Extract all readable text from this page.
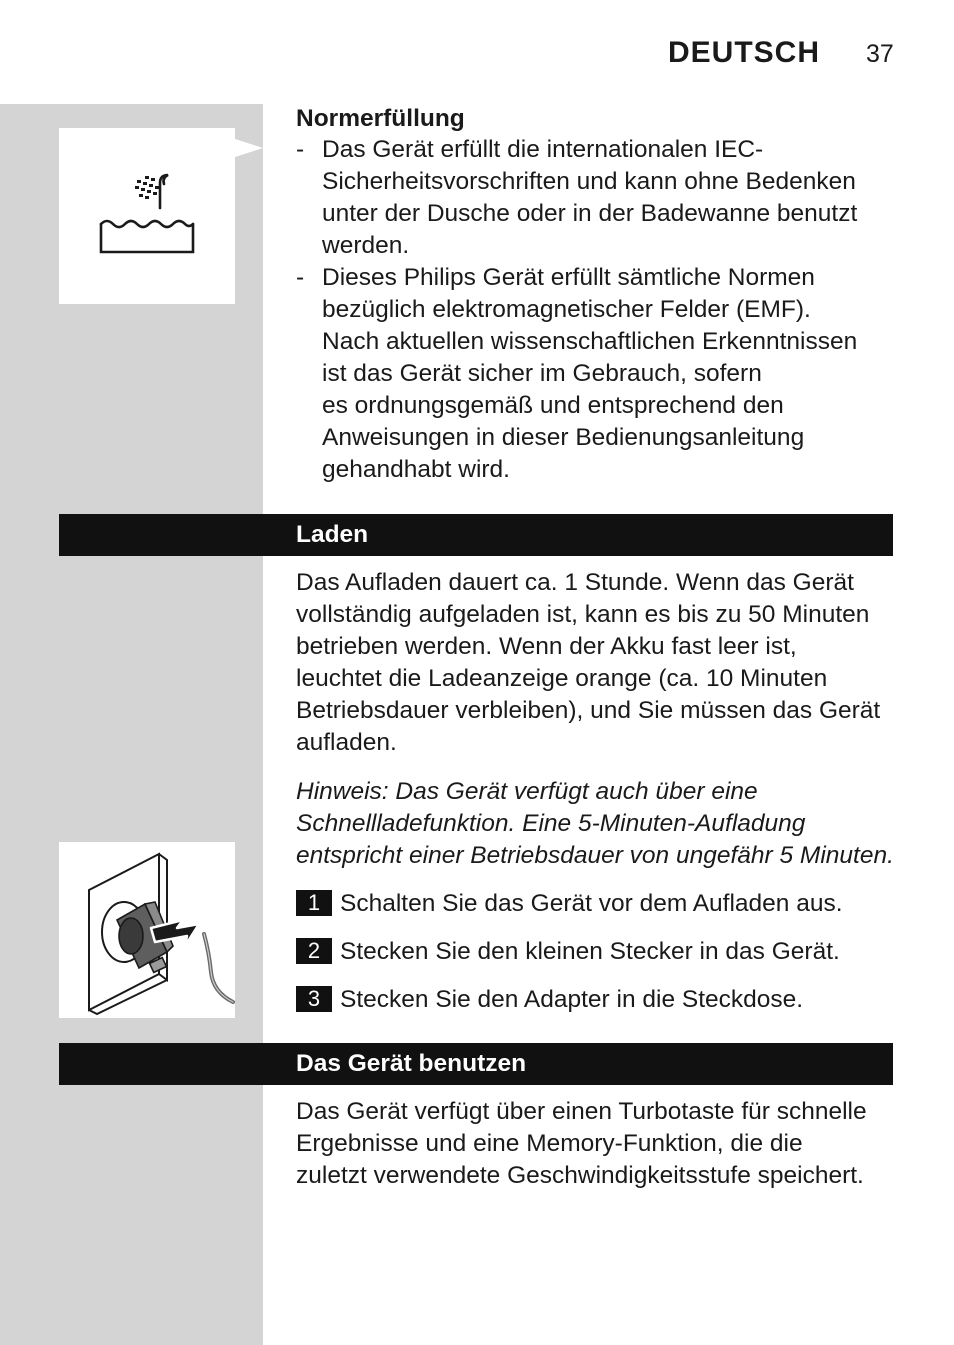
DEUTSCH 37
Normerfüllung
- Das Gerät erfüllt die internationalen IEC-
Sicherheitsvorschriften und kann ohne Bedenken
unter der Dusche oder in der Badewanne benutzt
werden.
- Dieses Philips Gerät erfüllt sämtliche Normen
bezüglich elektromagnetischer Felder (EMF).
Nach aktuellen wissenschaftlichen Erkenntnissen
ist das Gerät sicher im Gebrauch, sofern
es ordnungsgemäß und entsprechend den
Anweisungen in dieser Bedienungsanleitung
gehandhabt wird.
Laden
Das Aufladen dauert ca. 1 Stunde. Wenn das Gerät
vollständig aufgeladen ist, kann es bis zu 50 Minuten
betrieben werden. Wenn der Akku fast leer ist,
leuchtet die Ladeanzeige orange (ca. 10 Minuten
Betriebsdauer verbleiben), und Sie müssen das Gerät
aufladen.
Hinweis: Das Gerät verfügt auch über eine
Schnellladefunktion. Eine 5-Minuten-Aufladung
entspricht einer Betriebsdauer von ungefähr 5 Minuten.
1 Schalten Sie das Gerät vor dem Aufladen aus.
2 Stecken Sie den kleinen Stecker in das Gerät.
3 Stecken Sie den Adapter in die Steckdose.
Das Gerät benutzen
Das Gerät verfügt über einen Turbotaste für schnelle
Ergebnisse und eine Memory-Funktion, die die
zuletzt verwendete Geschwindigkeitsstufe speichert.
